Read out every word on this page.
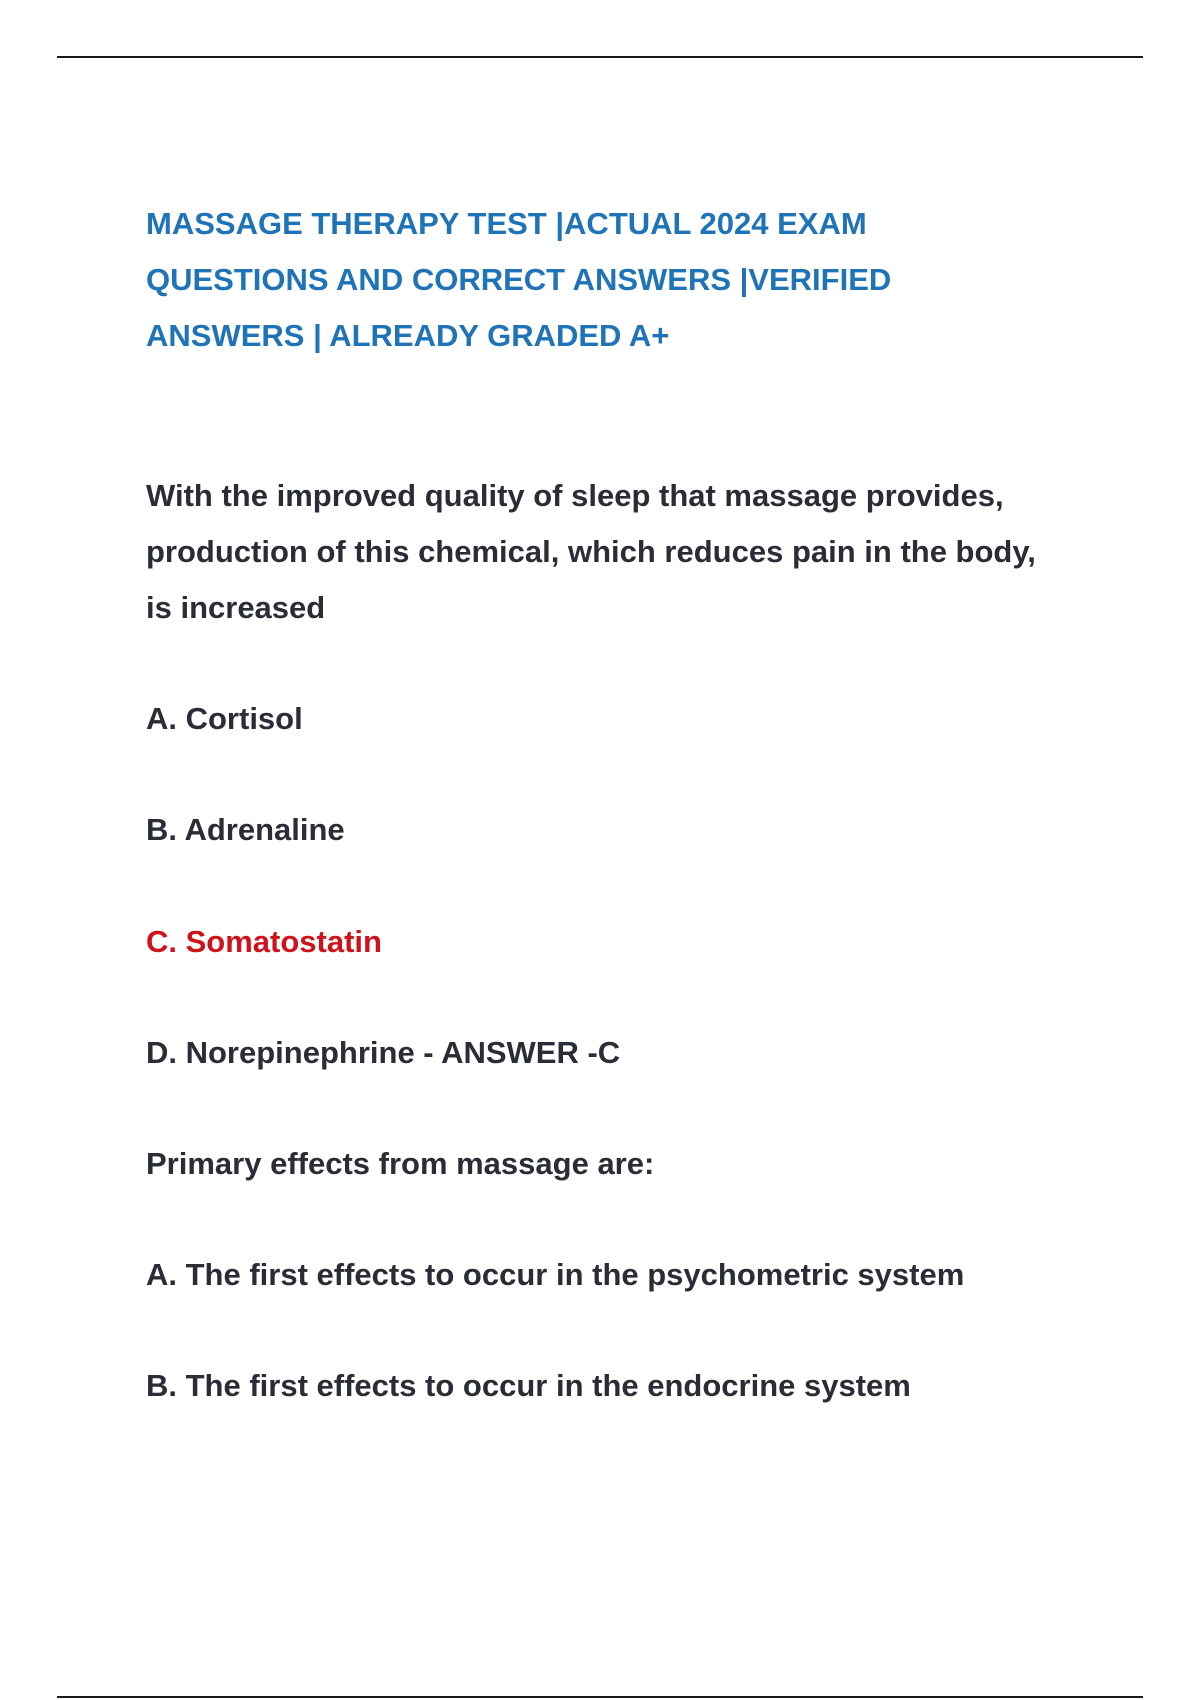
MASSAGE THERAPY TEST |ACTUAL 2024 EXAM
QUESTIONS AND CORRECT ANSWERS |VERIFIED
ANSWERS | ALREADY GRADED A+

With the improved quality of sleep that massage provides,

production of this chemical, which reduces pain in the body,

is increased

A. Cortisol

B. Adrenaline

C. Somatostatin

D. Norepinephrine - ANSWER -C

Primary effects from massage are:

A. The first effects to occur in the psychometric system

B. The first effects to occur in the endocrine system
